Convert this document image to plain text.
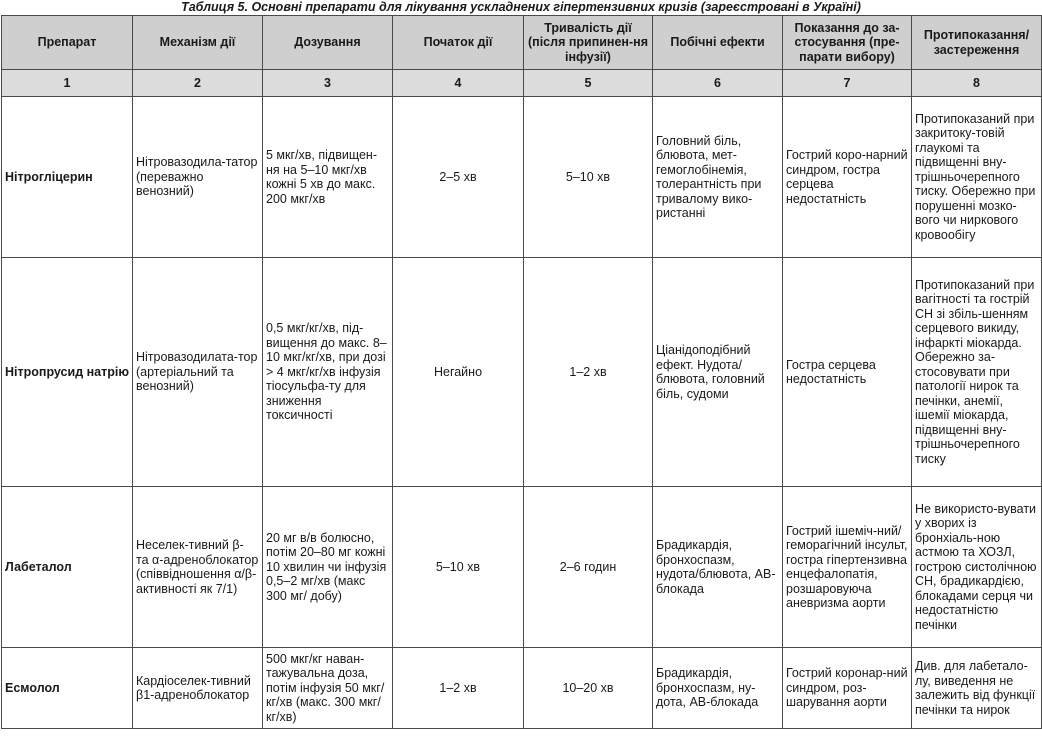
Таблиця 5. Основні препарати для лікування ускладнених гіпертензивних кризів (зареєстровані в Україні)
Препарат	Механізм дії	Дозування	Початок дії	Тривалість дії (після припинен-ня інфузії)	Побічні ефекти	Показання до за-стосування (пре-парати вибору)	Протипоказання/ застереження
1	2	3	4	5	6	7	8
Нітрогліцерин	Нітровазодила-татор (переважно венозний)	5 мкг/хв, підвищен-ня на 5–10 мкг/хв кожні 5 хв до макс. 200 мкг/хв	2–5 хв	5–10 хв	Головний біль, блювота, мет-гемоглобінемія, толерантність при тривалому вико-ристанні	Гострий коро-нарний синдром, гостра серцева недостатність	Протипоказаний при закритоку-товій глаукомі та підвищенні вну-трішньочерепного тиску. Обережно при порушенні мозко-вого чи ниркового кровообігу
Нітропрусид натрію	Нітровазодилата-тор (артеріальний та венозний)	0,5 мкг/кг/хв, під-вищення до макс. 8–10 мкг/кг/хв, при дозі > 4 мкг/кг/хв інфузія тіосульфа-ту для зниження токсичності	Негайно	1–2 хв	Ціанідоподібний ефект. Нудота/блювота, головний біль, судоми	Гостра серцева недостатність	Протипоказаний при вагітності та гострій СН зі збіль-шенням серцевого викиду, інфаркті міокарда. Обережно за-стосовувати при патології нирок та печінки, анемії, ішемії міокарда, підвищенні вну-трішньочерепного тиску
Лабеталол	Неселек-тивний β- та α-адреноблокатор (співвідношення α/β-активності як 7/1)	20 мг в/в болюсно, потім 20–80 мг кожні 10 хвилин чи інфузія 0,5–2 мг/хв (макс 300 мг/ добу)	5–10 хв	2–6 годин	Брадикардія, бронхоспазм, нудота/блювота, АВ-блокада	Гострий ішеміч-ний/геморагічний інсульт, гостра гіпертензивна енцефалопатія, розшаровуюча аневризма аорти	Не використо-вувати у хворих із бронхіаль-ною астмою та ХОЗЛ, гострою систолічною СН, брадикардією, блокадами серця чи недостатністю печінки
Есмолол	Кардіоселек-тивний β1-адреноблокатор	500 мкг/кг наван-тажувальна доза, потім інфузія 50 мкг/кг/хв (макс. 300 мкг/кг/хв)	1–2 хв	10–20 хв	Брадикардія, бронхоспазм, ну-дота, АВ-блокада	Гострий коронар-ний синдром, роз-шарування аорти	Див. для лабетало-лу, виведення не залежить від функції печінки та нирок
